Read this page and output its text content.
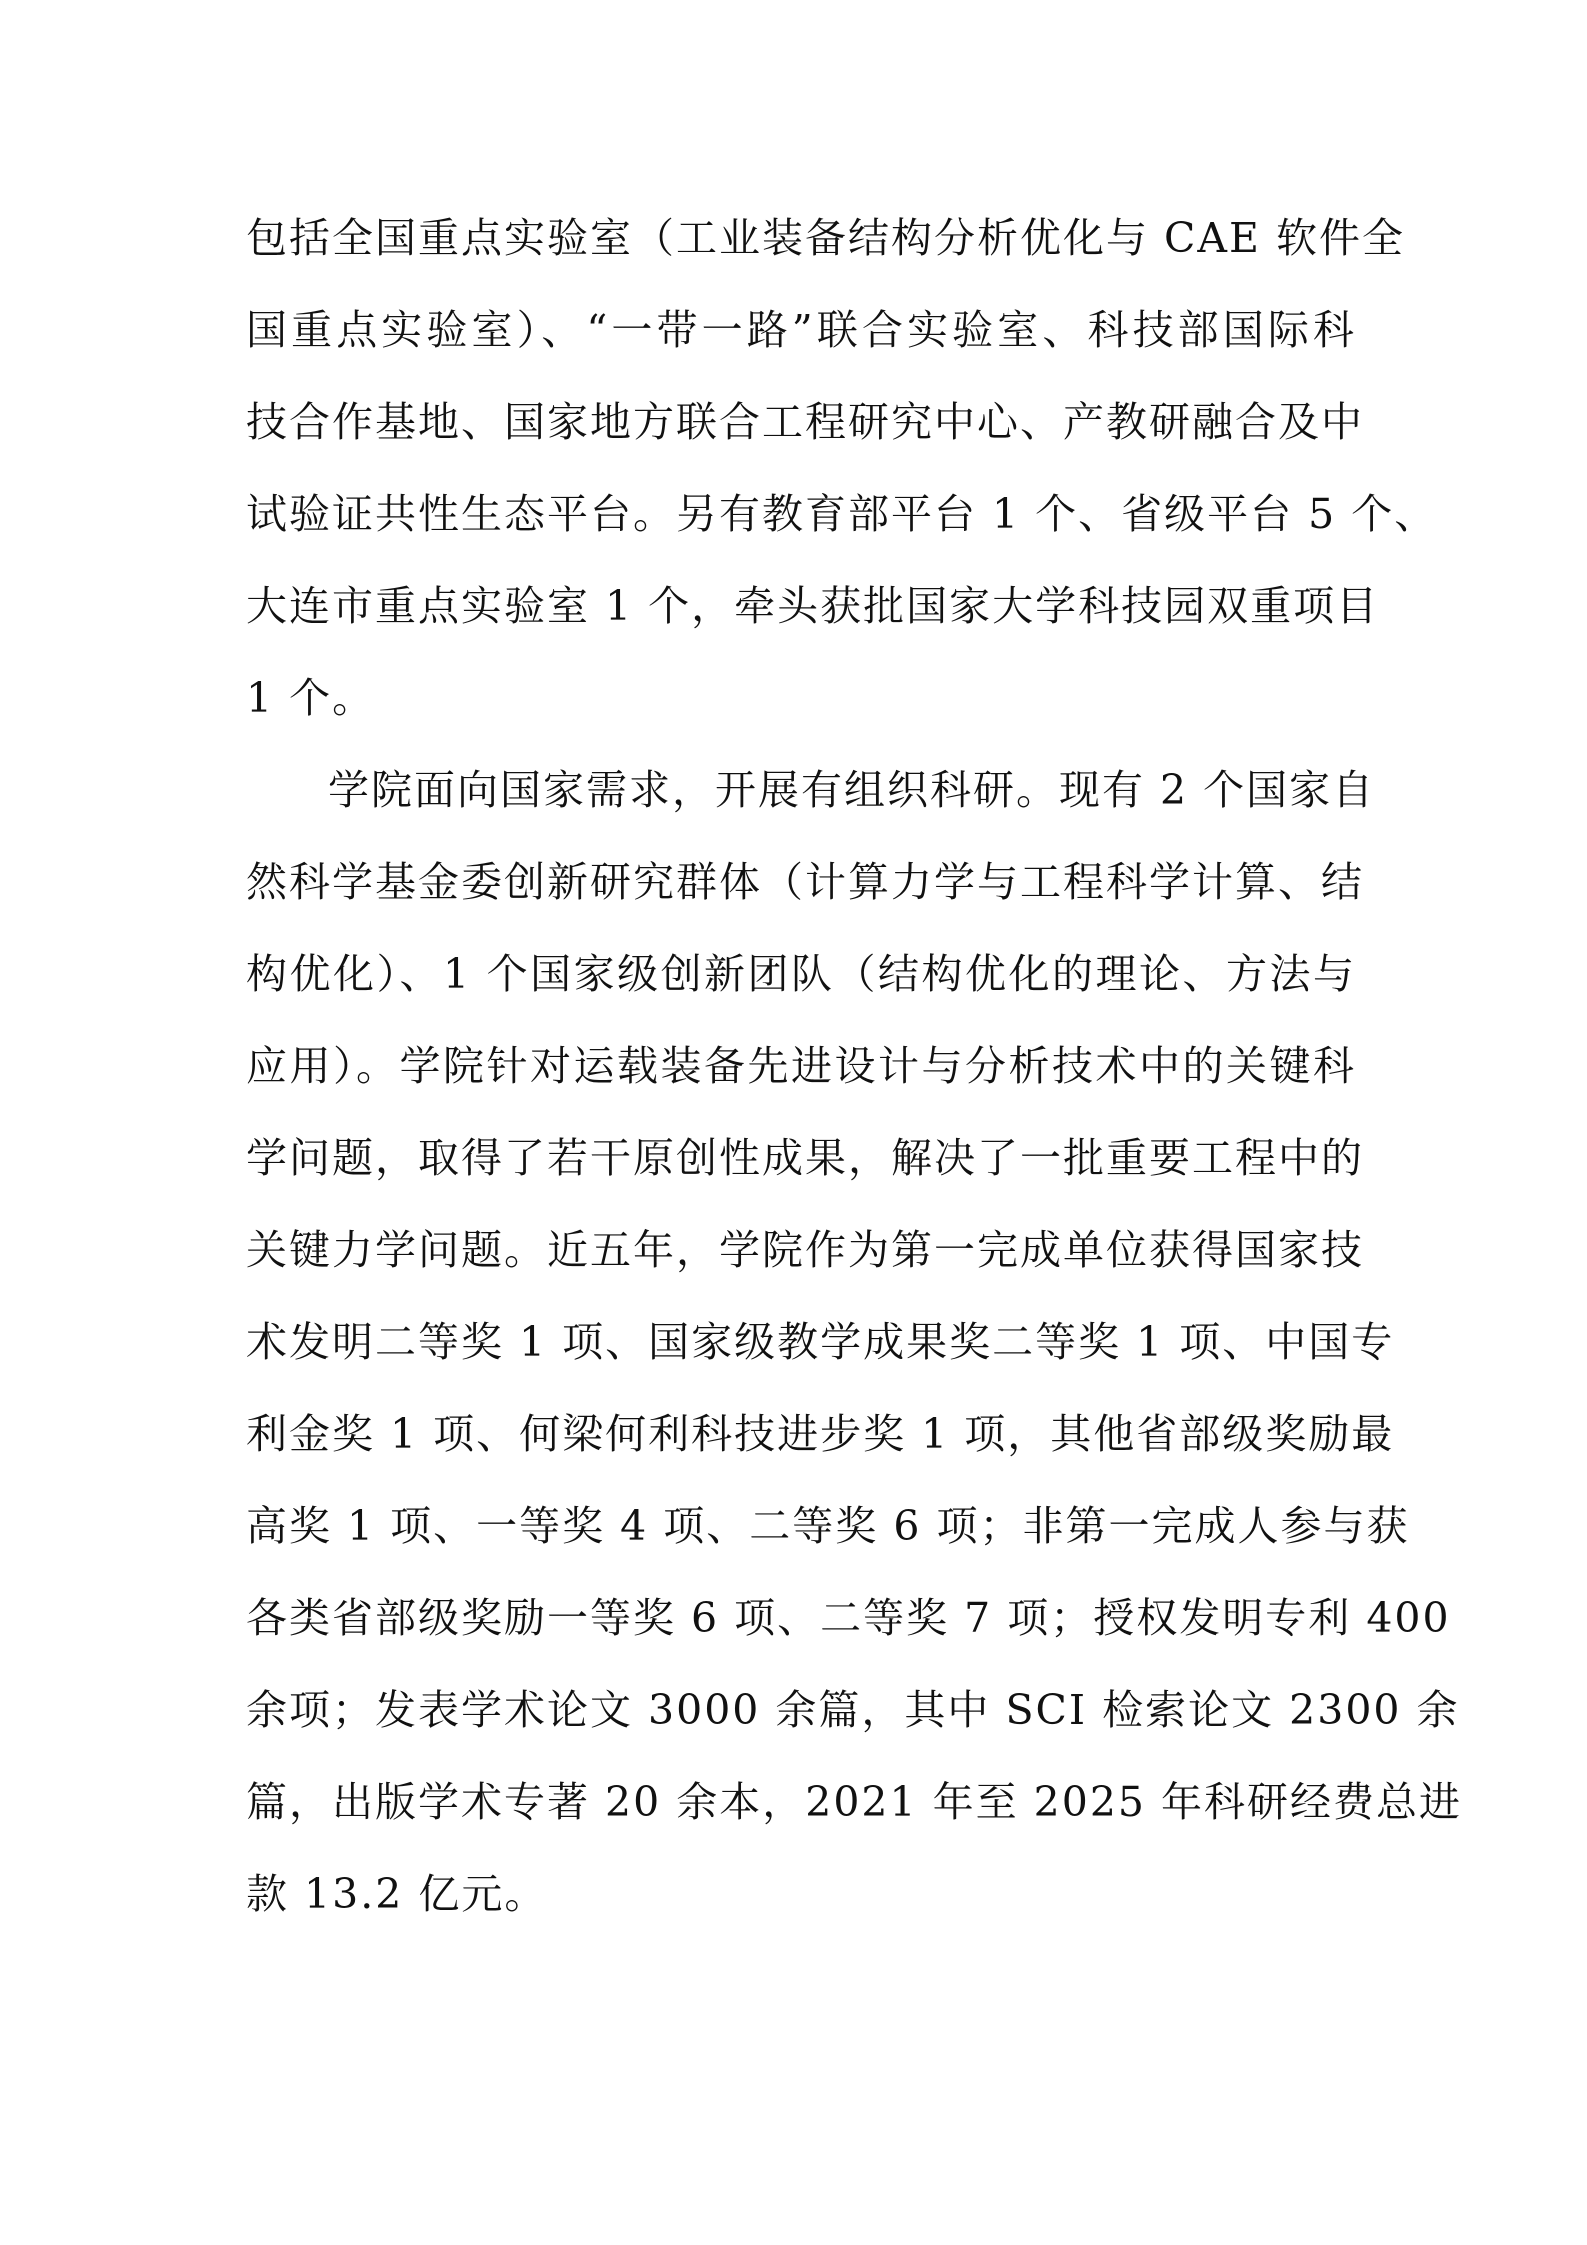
包括全国重点实验室（工业装备结构分析优化与 CAE 软件全
国重点实验室）、“一带一路”联合实验室、科技部国际科
技合作基地、国家地方联合工程研究中心、产教研融合及中
试验证共性生态平台。另有教育部平台 1 个、省级平台 5 个、
大连市重点实验室 1 个，牵头获批国家大学科技园双重项目
1 个。
学院面向国家需求，开展有组织科研。现有 2 个国家自
然科学基金委创新研究群体（计算力学与工程科学计算、结
构优化）、1 个国家级创新团队（结构优化的理论、方法与
应用）。学院针对运载装备先进设计与分析技术中的关键科
学问题，取得了若干原创性成果，解决了一批重要工程中的
关键力学问题。近五年，学院作为第一完成单位获得国家技
术发明二等奖 1 项、国家级教学成果奖二等奖 1 项、中国专
利金奖 1 项、何梁何利科技进步奖 1 项，其他省部级奖励最
高奖 1 项、一等奖 4 项、二等奖 6 项；非第一完成人参与获
各类省部级奖励一等奖 6 项、二等奖 7 项；授权发明专利 400
余项；发表学术论文 3000 余篇，其中 SCI 检索论文 2300 余
篇，出版学术专著 20 余本，2021 年至 2025 年科研经费总进
款 13.2 亿元。
